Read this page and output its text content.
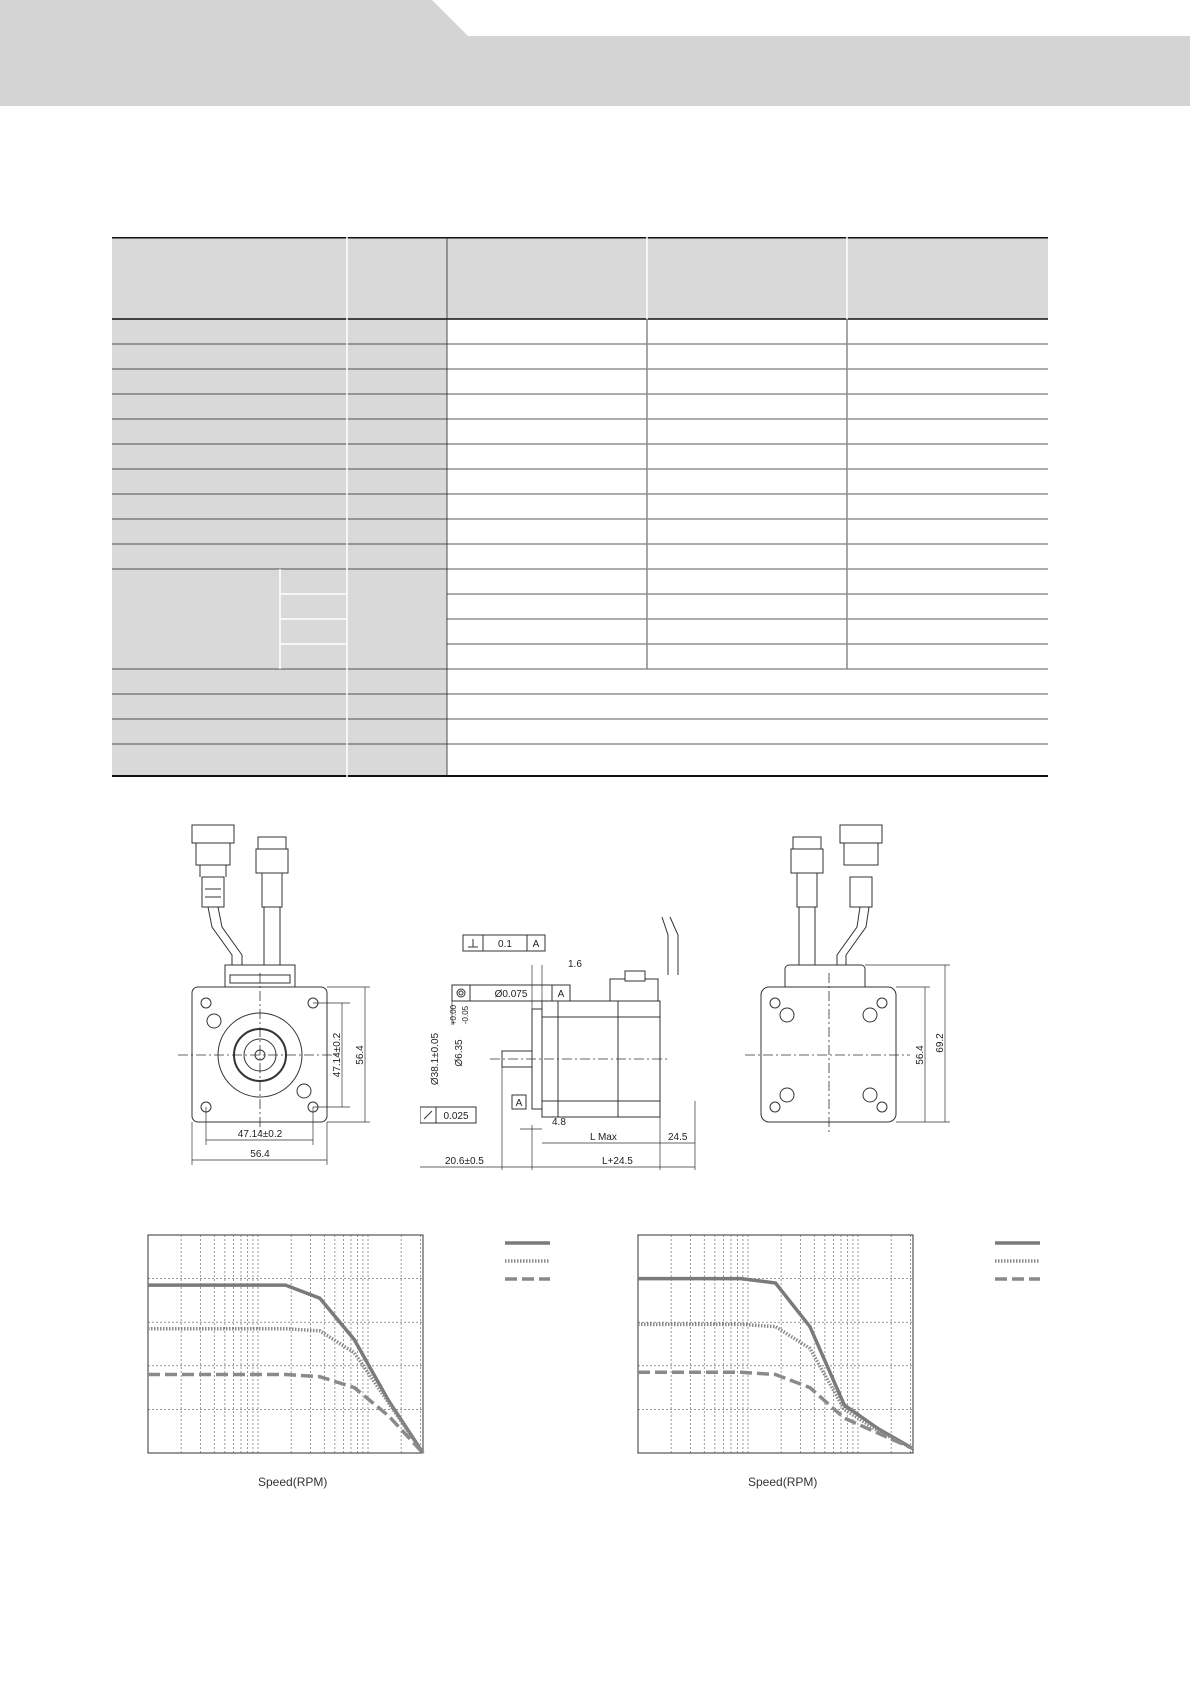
47.14±0.2 56.4
47.14±0.2
56.4
0.1 A
Ø0.075	A
A
0.025
Ø38.1±0.05 Ø6.35
+0.00 -0.05
1.6
4.8
L Max	24.5
20.6±0.5	L+24.5
56.4
69.2
Speed(RPM)	Speed(RPM)
